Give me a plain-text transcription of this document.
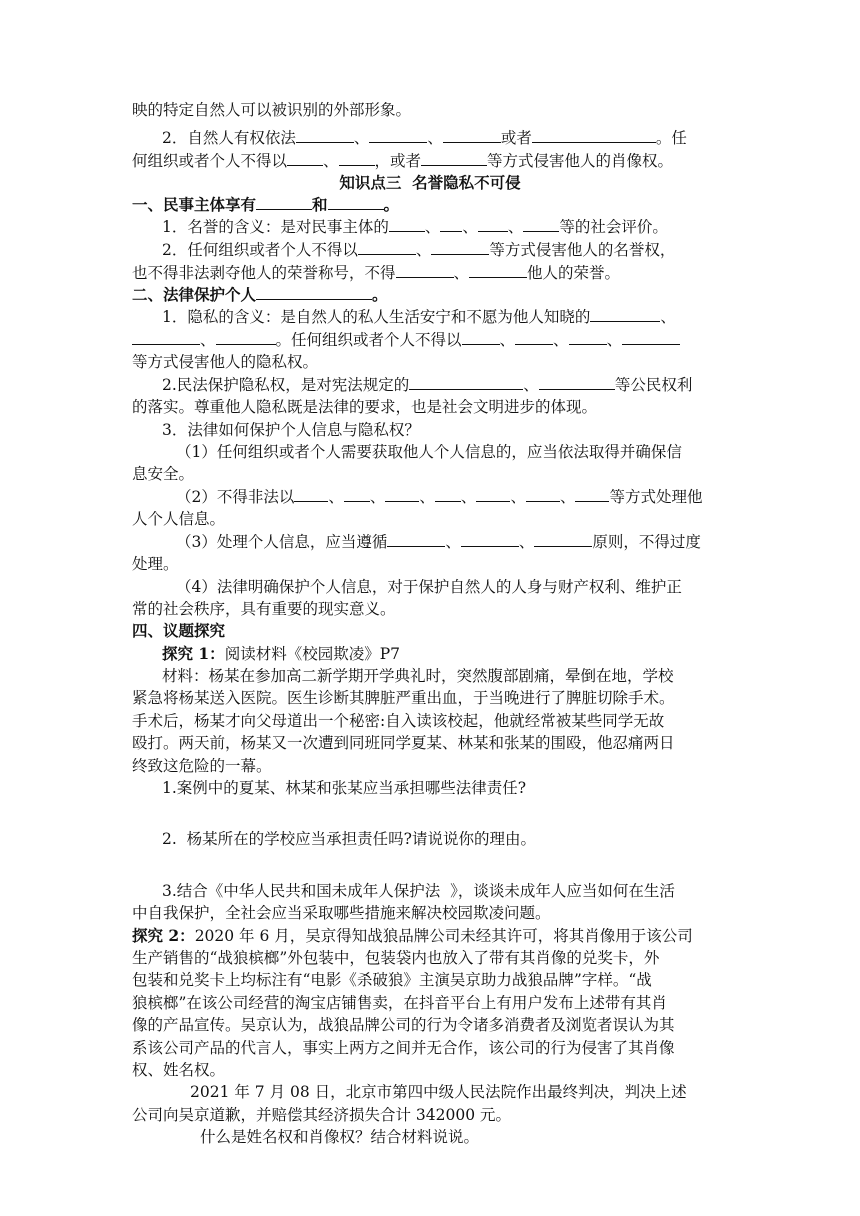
映的特定自然人可以被识别的外部形象。
2．自然人有权依法	、	、	或者	。任
何组织或者个人不得以 、 ，或者	等方式侵害他人的肖像权。
知识点三  名誉隐私不可侵
一、民事主体享有	和	。
1．名誉的含义：是对民事主体的 、 、 、 等的社会评价。
2．任何组织或者个人不得以	、	等方式侵害他人的名誉权，
也不得非法剥夺他人的荣誉称号，不得	、	他人的荣誉。
二、法律保护个人	。
1．隐私的含义：是自然人的私人生活安宁和不愿为他人知晓的	、
、	。任何组织或者个人不得以 、 、 、
等方式侵害他人的隐私权。
2.民法保护隐私权，是对宪法规定的	、	等公民权利
的落实。尊重他人隐私既是法律的要求，也是社会文明进步的体现。
3．法律如何保护个人信息与隐私权？
（1）任何组织或者个人需要获取他人个人信息的，应当依法取得并确保信
息安全。
（2）不得非法以 、 、 、 、 、 、 等方式处理他
人个人信息。
（3）处理个人信息，应当遵循	、	、	原则，不得过度
处理。
（4）法律明确保护个人信息，对于保护自然人的人身与财产权利、维护正
常的社会秩序，具有重要的现实意义。
四、议题探究
探究 1：阅读材料《校园欺凌》P7
材料：杨某在参加高二新学期开学典礼时，突然腹部剧痛，晕倒在地，学校
紧急将杨某送入医院。医生诊断其脾脏严重出血，于当晚进行了脾脏切除手术。
手术后，杨某才向父母道出一个秘密:自入读该校起，他就经常被某些同学无故
殴打。两天前，杨某又一次遭到同班同学夏某、林某和张某的围殴，他忍痛两日
终致这危险的一幕。
1.案例中的夏某、林某和张某应当承担哪些法律责任?
2.  杨某所在的学校应当承担责任吗?请说说你的理由。
3.结合《中华人民共和国未成年人保护法  》，谈谈未成年人应当如何在生活
中自我保护，全社会应当采取哪些措施来解决校园欺凌问题。
探究 2：2020 年 6 月，吴京得知战狼品牌公司未经其许可，将其肖像用于该公司
生产销售的“战狼槟榔”外包装中，包装袋内也放入了带有其肖像的兑奖卡，外
包装和兑奖卡上均标注有“电影《杀破狼》主演吴京助力战狼品牌”字样。“战
狼槟榔”在该公司经营的淘宝店铺售卖，在抖音平台上有用户发布上述带有其肖
像的产品宣传。吴京认为，战狼品牌公司的行为令诸多消费者及浏览者误认为其
系该公司产品的代言人，事实上两方之间并无合作，该公司的行为侵害了其肖像
权、姓名权。
2021 年 7 月 08 日，北京市第四中级人民法院作出最终判决，判决上述
公司向吴京道歉，并赔偿其经济损失合计 342000 元。
什么是姓名权和肖像权？结合材料说说。
